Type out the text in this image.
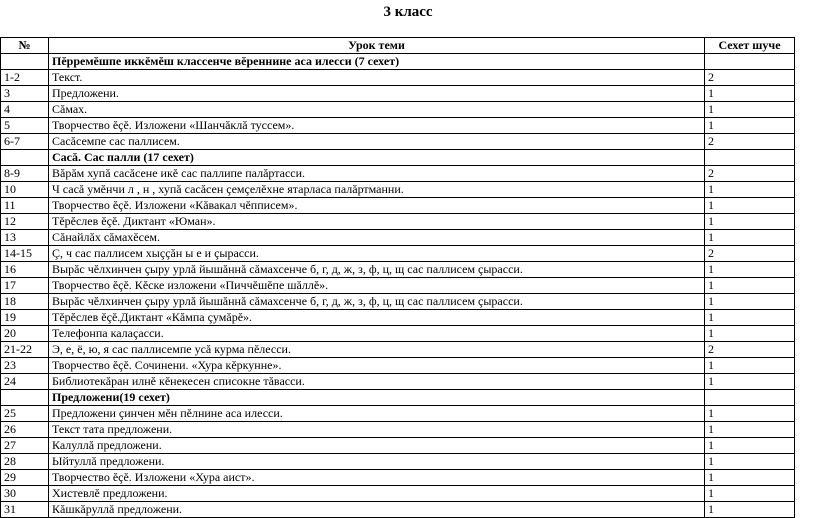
3 класс
№	Урок теми	Сехет шуче
	Пĕрремĕшпе иккĕмĕш классенче вĕреннине аса илесси (7 сехет)	
1-2	Текст.	2
3	Предложени.	1
4	Сăмах.	1
5	Творчество ĕçĕ. Изложени «Шанчăклă туссем».	1
6-7	Сасăсемпе сас паллисем.	2
	Сасă. Сас палли (17 сехет)	
8-9	Вăрăм хупă сасăсене икĕ сас паллипе палăртасси.	2
10	Ч сасă умĕнчи л , н , хупă сасăсен çемçелĕхне ятарласа палăртманни.	1
11	Творчество ĕçĕ. Изложени «Кăвакал чĕпписем».	1
12	Тĕрĕслев ĕçĕ. Диктант «Юман».	1
13	Сăнайлăх сăмахĕсем.	1
14-15	Ç, ч сас паллисем хыççăн ы е и çырасси.	2
16	Вырăс чĕлхинчен çыру урлă йышăннă сăмахсенче б, г, д, ж, з, ф, ц, щ сас паллисем çырасси.	1
17	Творчество ĕçĕ. Кĕске изложени «Пиччĕшĕпе шăллĕ».	1
18	Вырăс чĕлхинчен çыру урлă йышăннă сăмахсенче б, г, д, ж, з, ф, ц, щ сас паллисем çырасси.	1
19	Тĕрĕслев ĕçĕ.Диктант «Кăмпа çумăрĕ».	1
20	Телефонпа калаçасси.	1
21-22	Э, е, ё, ю, я сас паллисемпе усă курма пĕлесси.	2
23	Творчество ĕçĕ. Сочинени. «Хура кĕркунне».	1
24	Библиотекăран илнĕ кĕнекесен списокне тăвасси.	1
	Предложени(19 сехет)	
25	Предложени çинчен мĕн пĕлнине аса илесси.	1
26	Текст тата предложени.	1
27	Калуллă предложени.	1
28	Ыйтуллă предложени.	1
29	Творчество ĕçĕ. Изложени «Хура аист».	1
30	Хистевлĕ предложени.	1
31	Кăшкăруллă предложени.	1
